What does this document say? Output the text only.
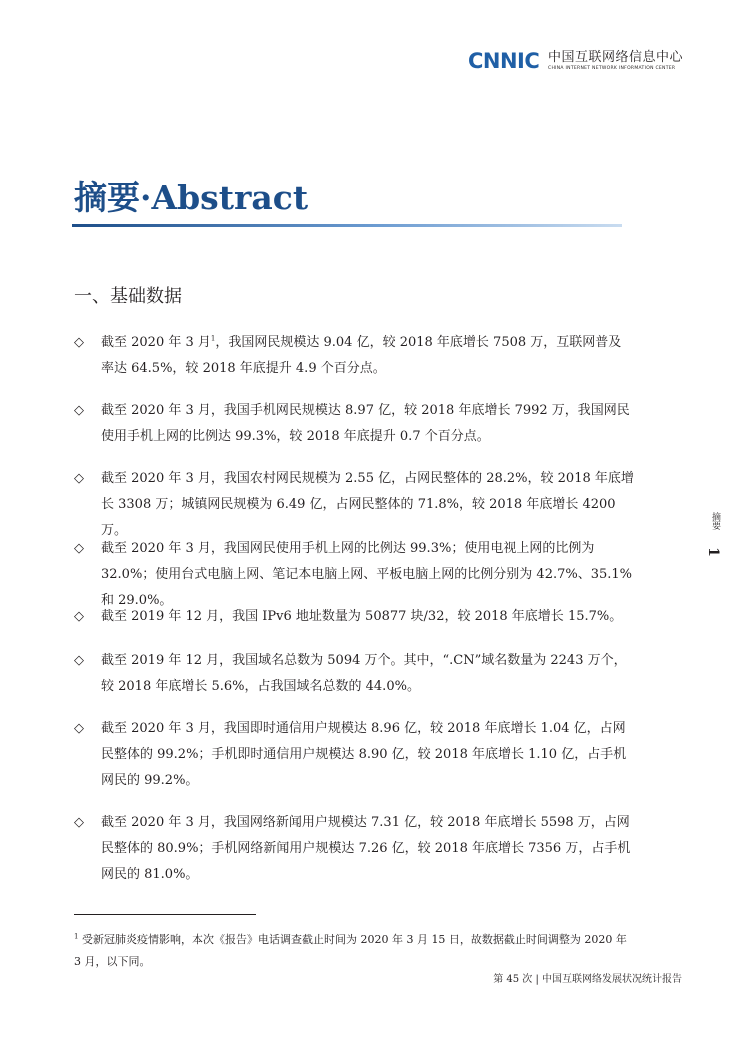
CNNIC 中国互联网络信息中心
CHINA INTERNET NETWORK INFORMATION CENTER
摘要·Abstract
一、基础数据
◇	截至 2020 年 3 月$^1$，我国网民规模达 9.04 亿，较 2018 年底增长 7508 万，互联网普及率达 64.5%，较 2018 年底提升 4.9 个百分点。

◇	截至 2020 年 3 月，我国手机网民规模达 8.97 亿，较 2018 年底增长 7992 万，我国网民使用手机上网的比例达 99.3%，较 2018 年底提升 0.7 个百分点。

◇	截至 2020 年 3 月，我国农村网民规模为 2.55 亿，占网民整体的 28.2%，较 2018 年底增长 3308 万；城镇网民规模为 6.49 亿，占网民整体的 71.8%，较 2018 年底增长 4200 万。

◇	截至 2020 年 3 月，我国网民使用手机上网的比例达 99.3%；使用电视上网的比例为 32.0%；使用台式电脑上网、笔记本电脑上网、平板电脑上网的比例分别为 42.7%、35.1%和 29.0%。

◇	截至 2019 年 12 月，我国 IPv6 地址数量为 50877 块/32，较 2018 年底增长 15.7%。

◇	截至 2019 年 12 月，我国域名总数为 5094 万个。其中，“.CN”域名数量为 2243 万个，较 2018 年底增长 5.6%，占我国域名总数的 44.0%。

◇	截至 2020 年 3 月，我国即时通信用户规模达 8.96 亿，较 2018 年底增长 1.04 亿，占网民整体的 99.2%；手机即时通信用户规模达 8.90 亿，较 2018 年底增长 1.10 亿，占手机网民的 99.2%。

◇	截至 2020 年 3 月，我国网络新闻用户规模达 7.31 亿，较 2018 年底增长 5598 万，占网民整体的 80.9%；手机网络新闻用户规模达 7.26 亿，较 2018 年底增长 7356 万，占手机网民的 81.0%。

摘要
1

$^1$ 受新冠肺炎疫情影响，本次《报告》电话调查截止时间为 2020 年 3 月 15 日，故数据截止时间调整为 2020 年 3 月，以下同。

第 45 次 | 中国互联网络发展状况统计报告
